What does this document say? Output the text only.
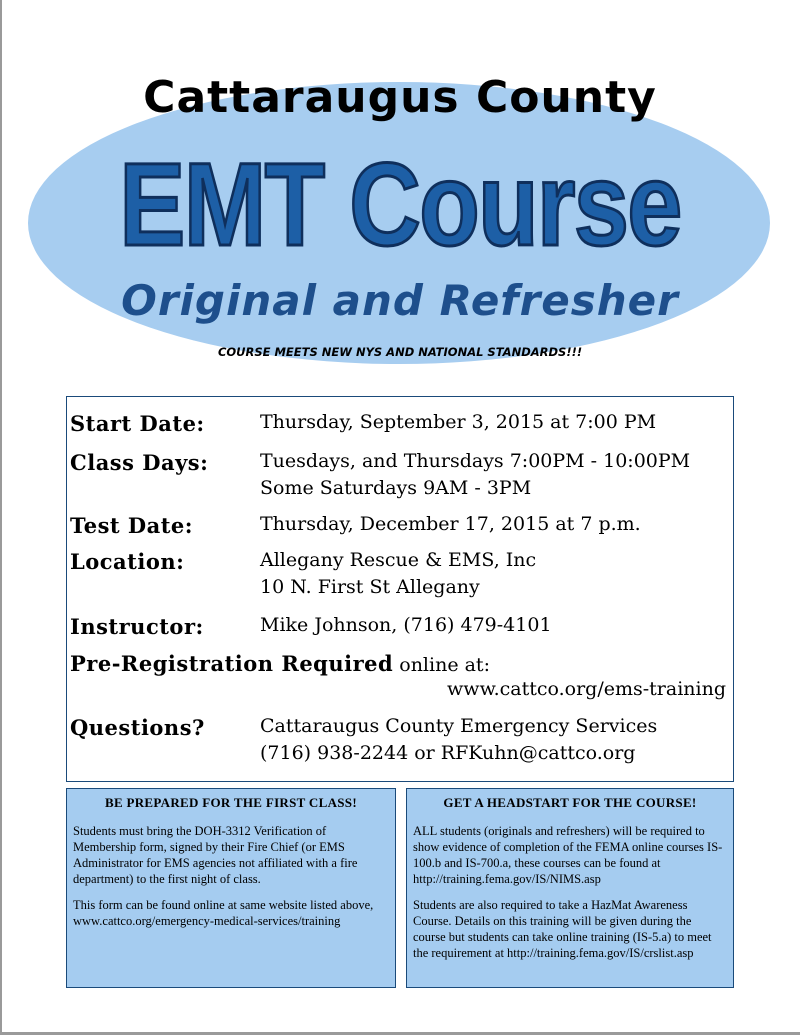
Cattaraugus County
EMT Course
Original and Refresher
COURSE MEETS NEW NYS AND NATIONAL STANDARDS!!!
Start Date:	Thursday, September 3, 2015 at 7:00 PM
Class Days:	Tuesdays, and Thursdays 7:00PM - 10:00PM
Some Saturdays 9AM - 3PM
Test Date:	Thursday, December 17, 2015 at 7 p.m.
Location:	Allegany Rescue & EMS, Inc
10 N. First St Allegany
Instructor:	Mike Johnson, (716) 479-4101
Pre-Registration Required online at:
www.cattco.org/ems-training
Questions?	Cattaraugus County Emergency Services
(716) 938-2244 or RFKuhn@cattco.org
BE PREPARED FOR THE FIRST CLASS!

Students must bring the DOH-3312 Verification of Membership form, signed by their Fire Chief (or EMS Administrator for EMS agencies not affiliated with a fire department) to the first night of class.

This form can be found online at same website listed above, www.cattco.org/emergency-medical-services/training

GET A HEADSTART FOR THE COURSE!

ALL students (originals and refreshers) will be required to show evidence of completion of the FEMA online courses IS-100.b and IS-700.a, these courses can be found at http://training.fema.gov/IS/NIMS.asp

Students are also required to take a HazMat Awareness Course. Details on this training will be given during the course but students can take online training (IS-5.a) to meet the requirement at http://training.fema.gov/IS/crslist.asp
